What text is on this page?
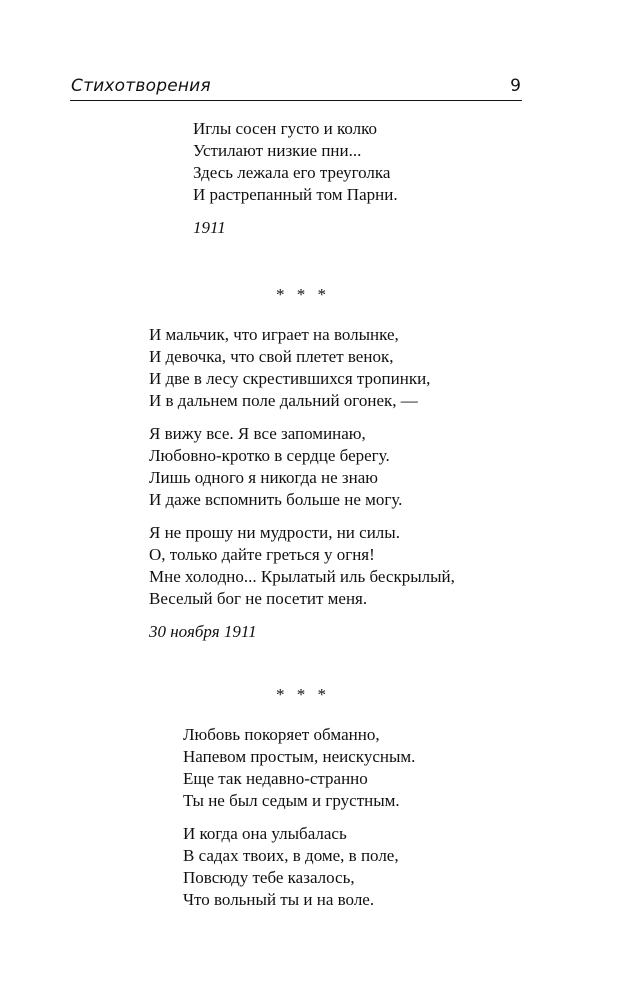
Стихотворения	9
Иглы сосен густо и колко
Устилают низкие пни...
Здесь лежала его треуголка
И растрепанный том Парни.
1911
* * *
И мальчик, что играет на волынке,
И девочка, что свой плетет венок,
И две в лесу скрестившихся тропинки,
И в дальнем поле дальний огонек, —
Я вижу все. Я все запоминаю,
Любовно-кротко в сердце берегу.
Лишь одного я никогда не знаю
И даже вспомнить больше не могу.
Я не прошу ни мудрости, ни силы.
О, только дайте греться у огня!
Мне холодно... Крылатый иль бескрылый,
Веселый бог не посетит меня.
30 ноября 1911
* * *
Любовь покоряет обманно,
Напевом простым, неискусным.
Еще так недавно-странно
Ты не был седым и грустным.
И когда она улыбалась
В садах твоих, в доме, в поле,
Повсюду тебе казалось,
Что вольный ты и на воле.
